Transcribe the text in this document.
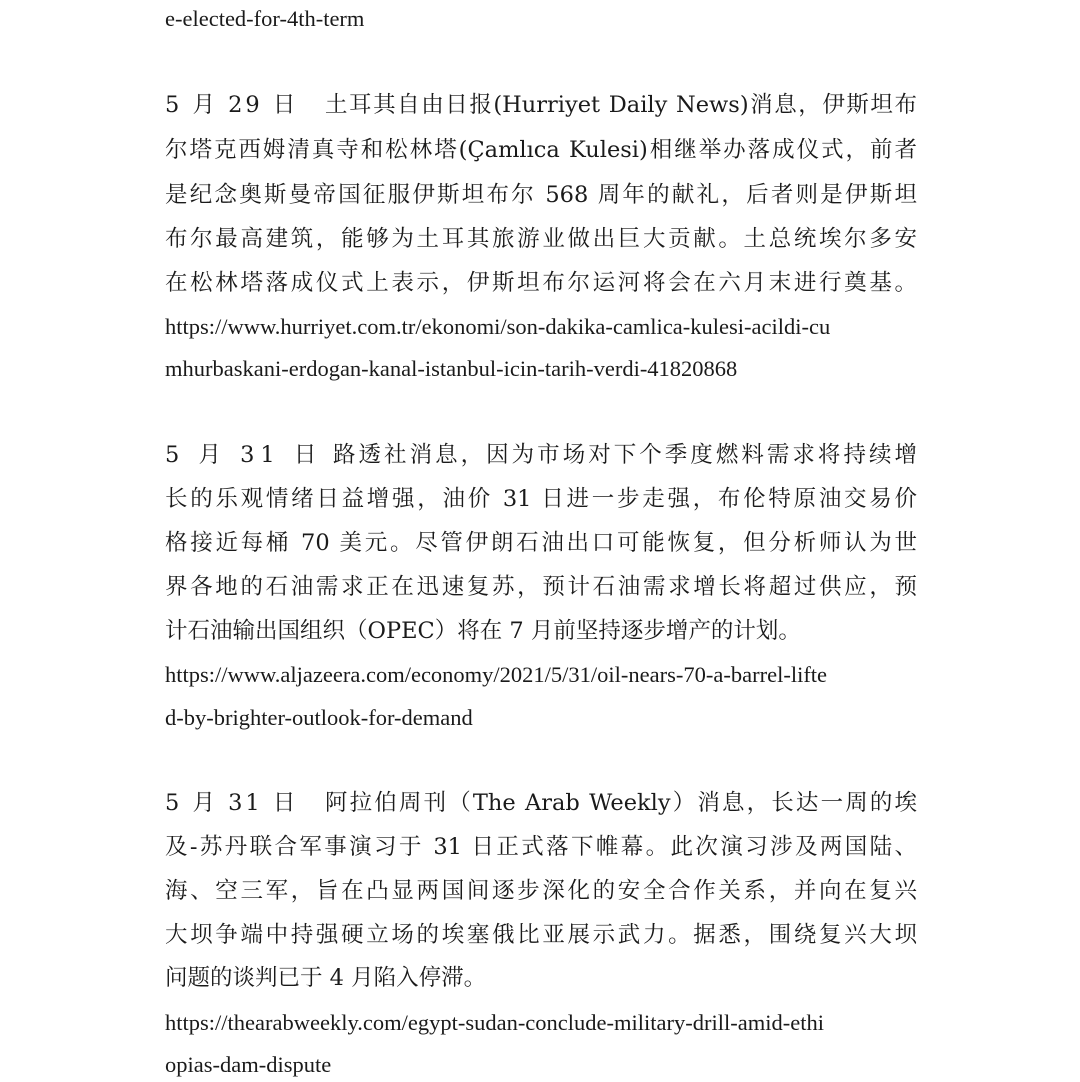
e-elected-for-4th-term
5 月 29 日 土耳其自由日报(Hurriyet Daily News)消息，伊斯坦布
尔塔克西姆清真寺和松林塔(Çamlıca Kulesi)相继举办落成仪式，前者
是纪念奥斯曼帝国征服伊斯坦布尔 568 周年的献礼，后者则是伊斯坦
布尔最高建筑，能够为土耳其旅游业做出巨大贡献。土总统埃尔多安
在松林塔落成仪式上表示，伊斯坦布尔运河将会在六月末进行奠基。
https://www.hurriyet.com.tr/ekonomi/son-dakika-camlica-kulesi-acildi-cu
mhurbaskani-erdogan-kanal-istanbul-icin-tarih-verdi-41820868
5 月 31 日 路透社消息，因为市场对下个季度燃料需求将持续增
长的乐观情绪日益增强，油价 31 日进一步走强，布伦特原油交易价
格接近每桶 70 美元。尽管伊朗石油出口可能恢复，但分析师认为世
界各地的石油需求正在迅速复苏，预计石油需求增长将超过供应，预
计石油输出国组织（OPEC）将在 7 月前坚持逐步增产的计划。
https://www.aljazeera.com/economy/2021/5/31/oil-nears-70-a-barrel-lifte
d-by-brighter-outlook-for-demand
5 月 31 日 阿拉伯周刊（The Arab Weekly）消息，长达一周的埃
及-苏丹联合军事演习于 31 日正式落下帷幕。此次演习涉及两国陆、
海、空三军，旨在凸显两国间逐步深化的安全合作关系，并向在复兴
大坝争端中持强硬立场的埃塞俄比亚展示武力。据悉，围绕复兴大坝
问题的谈判已于 4 月陷入停滞。
https://thearabweekly.com/egypt-sudan-conclude-military-drill-amid-ethi
opias-dam-dispute
